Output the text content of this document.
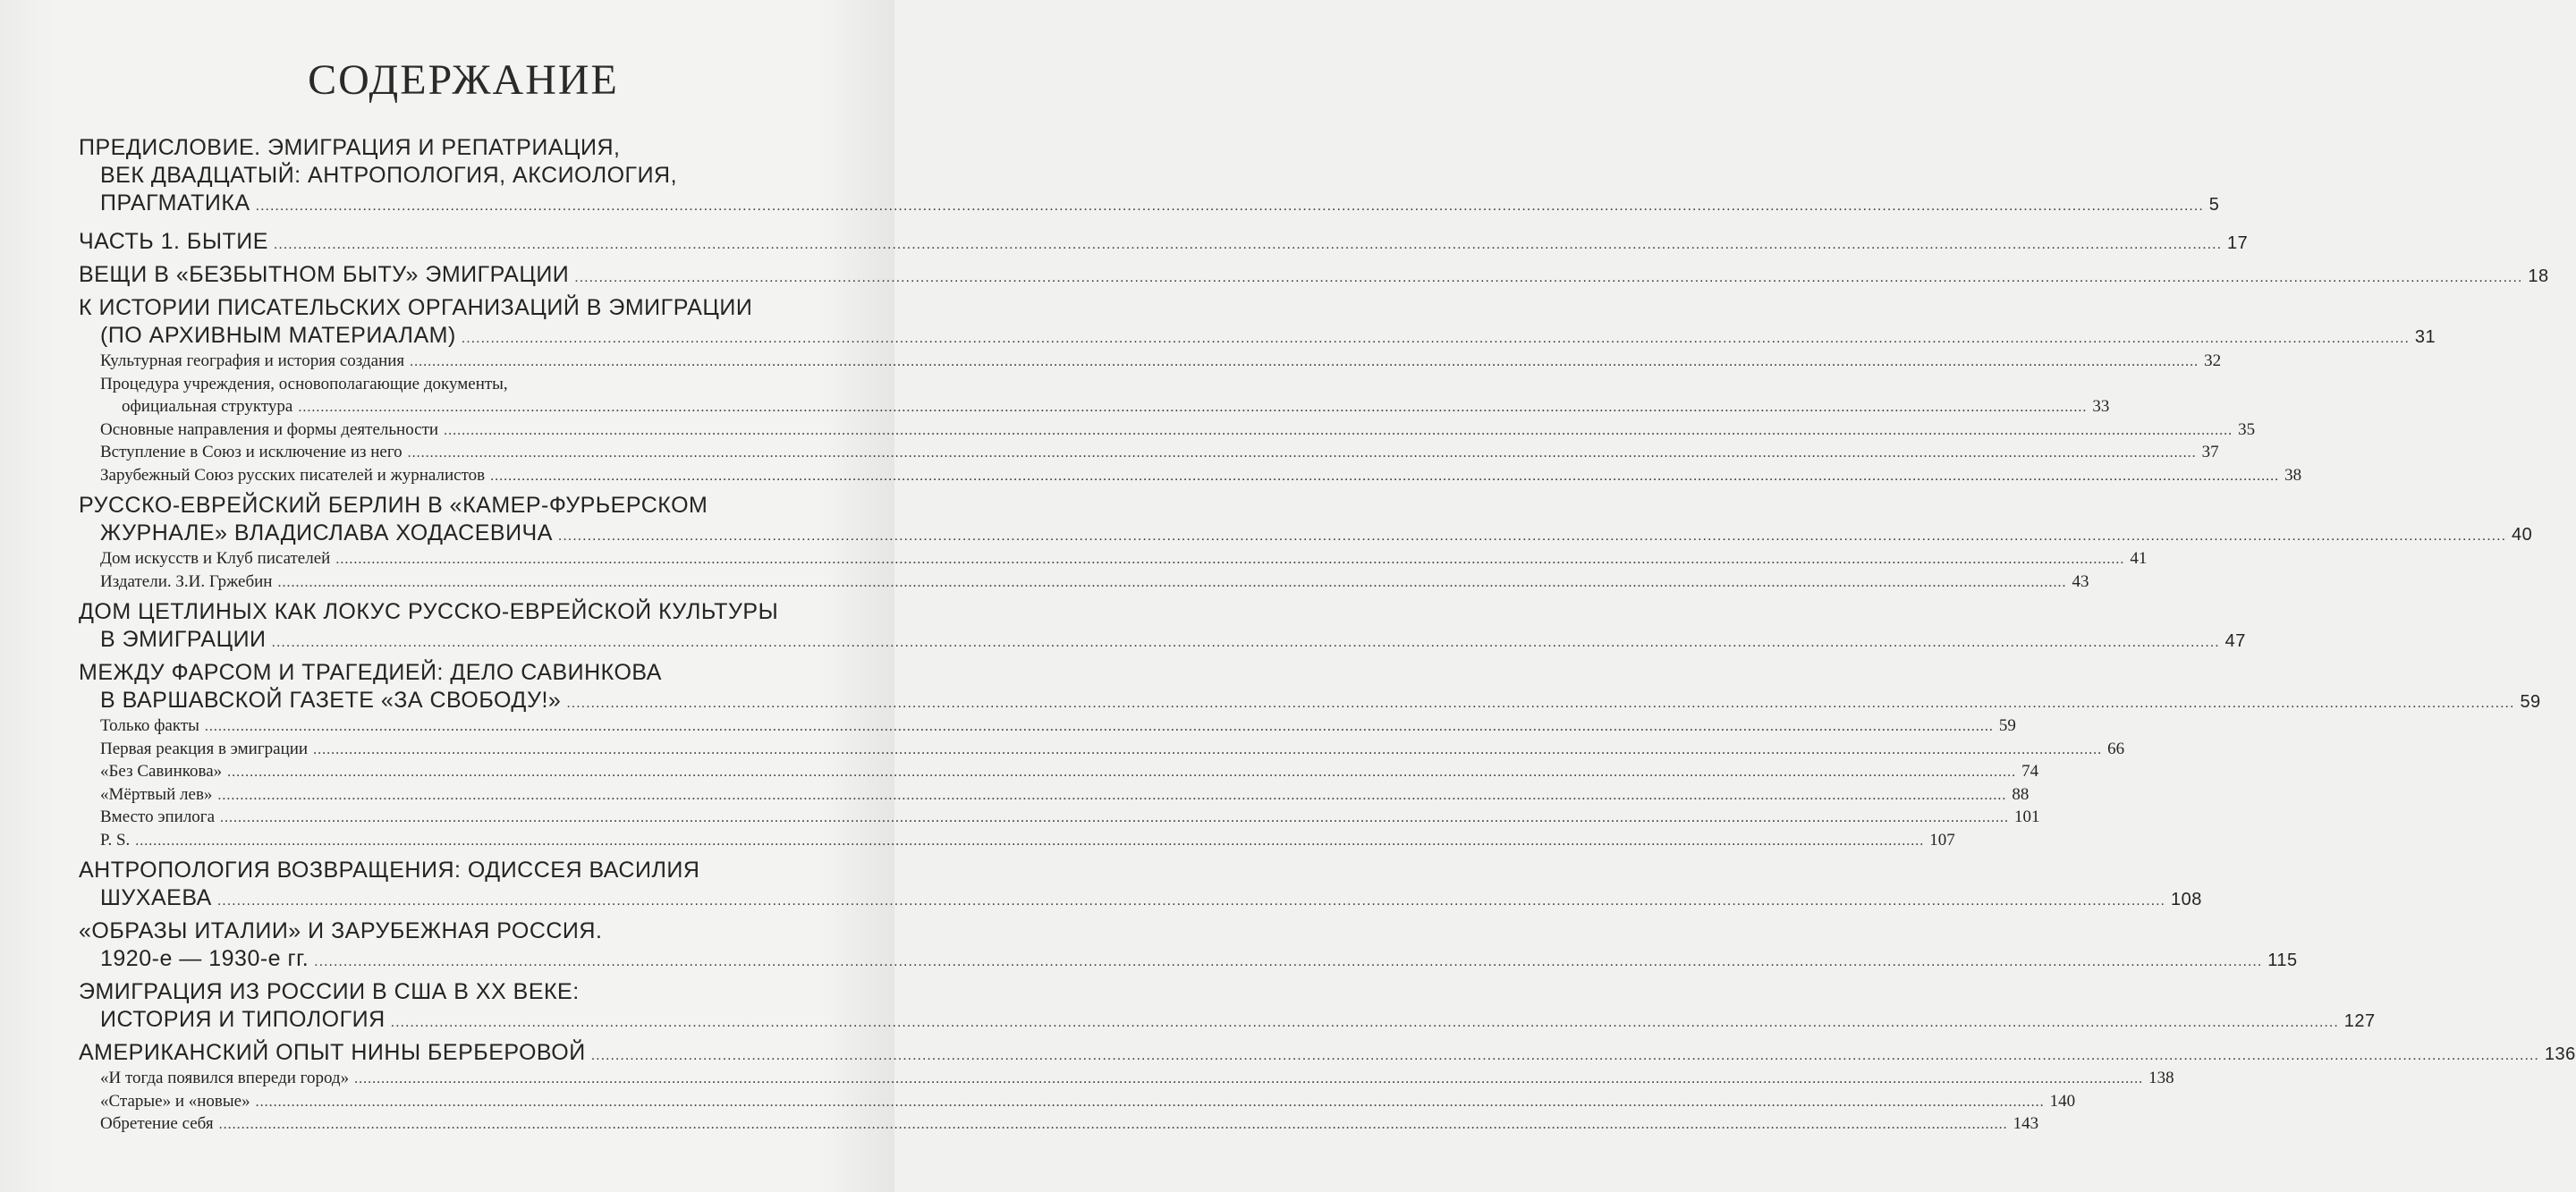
СОДЕРЖАНИЕ
ПРЕДИСЛОВИЕ. ЭМИГРАЦИЯ И РЕПАТРИАЦИЯ,
ВЕК ДВАДЦАТЫЙ: АНТРОПОЛОГИЯ, АКСИОЛОГИЯ,
ПРАГМАТИКА ................................................................................................................................................................................................................................................................................................................................................................................................................ 5
ЧАСТЬ 1. БЫТИЕ ................................................................................................................................................................................................................................................................................................................................................................................................................ 17
ВЕЩИ В «БЕЗБЫТНОМ БЫТУ» ЭМИГРАЦИИ ................................................................................................................................................................................................................................................................................................................................................................................................................ 18
К ИСТОРИИ ПИСАТЕЛЬСКИХ ОРГАНИЗАЦИЙ В ЭМИГРАЦИИ
(ПО АРХИВНЫМ МАТЕРИАЛАМ) ................................................................................................................................................................................................................................................................................................................................................................................................................ 31
Культурная география и история создания ................................................................................................................................................................................................................................................................................................................................................................................................................ 32
Процедура учреждения, основополагающие документы,
официальная структура ................................................................................................................................................................................................................................................................................................................................................................................................................ 33
Основные направления и формы деятельности ................................................................................................................................................................................................................................................................................................................................................................................................................ 35
Вступление в Союз и исключение из него ................................................................................................................................................................................................................................................................................................................................................................................................................ 37
Зарубежный Союз русских писателей и журналистов ................................................................................................................................................................................................................................................................................................................................................................................................................ 38
РУССКО-ЕВРЕЙСКИЙ БЕРЛИН В «КАМЕР-ФУРЬЕРСКОМ
ЖУРНАЛЕ» ВЛАДИСЛАВА ХОДАСЕВИЧА ................................................................................................................................................................................................................................................................................................................................................................................................................ 40
Дом искусств и Клуб писателей ................................................................................................................................................................................................................................................................................................................................................................................................................ 41
Издатели. З.И. Гржебин ................................................................................................................................................................................................................................................................................................................................................................................................................ 43
ДОМ ЦЕТЛИНЫХ КАК ЛОКУС РУССКО-ЕВРЕЙСКОЙ КУЛЬТУРЫ
В ЭМИГРАЦИИ ................................................................................................................................................................................................................................................................................................................................................................................................................ 47
МЕЖДУ ФАРСОМ И ТРАГЕДИЕЙ: ДЕЛО САВИНКОВА
В ВАРШАВСКОЙ ГАЗЕТЕ «ЗА СВОБОДУ!» ................................................................................................................................................................................................................................................................................................................................................................................................................ 59
Только факты ................................................................................................................................................................................................................................................................................................................................................................................................................ 59
Первая реакция в эмиграции ................................................................................................................................................................................................................................................................................................................................................................................................................ 66
«Без Савинкова» ................................................................................................................................................................................................................................................................................................................................................................................................................ 74
«Мёртвый лев» ................................................................................................................................................................................................................................................................................................................................................................................................................ 88
Вместо эпилога ................................................................................................................................................................................................................................................................................................................................................................................................................ 101
P. S. ................................................................................................................................................................................................................................................................................................................................................................................................................ 107
АНТРОПОЛОГИЯ ВОЗВРАЩЕНИЯ: ОДИССЕЯ ВАСИЛИЯ
ШУХАЕВА ................................................................................................................................................................................................................................................................................................................................................................................................................ 108
«ОБРАЗЫ ИТАЛИИ» И ЗАРУБЕЖНАЯ РОССИЯ.
1920-е — 1930-е гг. ................................................................................................................................................................................................................................................................................................................................................................................................................ 115
ЭМИГРАЦИЯ ИЗ РОССИИ В США В XX ВЕКЕ:
ИСТОРИЯ И ТИПОЛОГИЯ ................................................................................................................................................................................................................................................................................................................................................................................................................ 127
АМЕРИКАНСКИЙ ОПЫТ НИНЫ БЕРБЕРОВОЙ ................................................................................................................................................................................................................................................................................................................................................................................................................ 136
«И тогда появился впереди город» ................................................................................................................................................................................................................................................................................................................................................................................................................ 138
«Старые» и «новые» ................................................................................................................................................................................................................................................................................................................................................................................................................ 140
Обретение себя ................................................................................................................................................................................................................................................................................................................................................................................................................ 143
